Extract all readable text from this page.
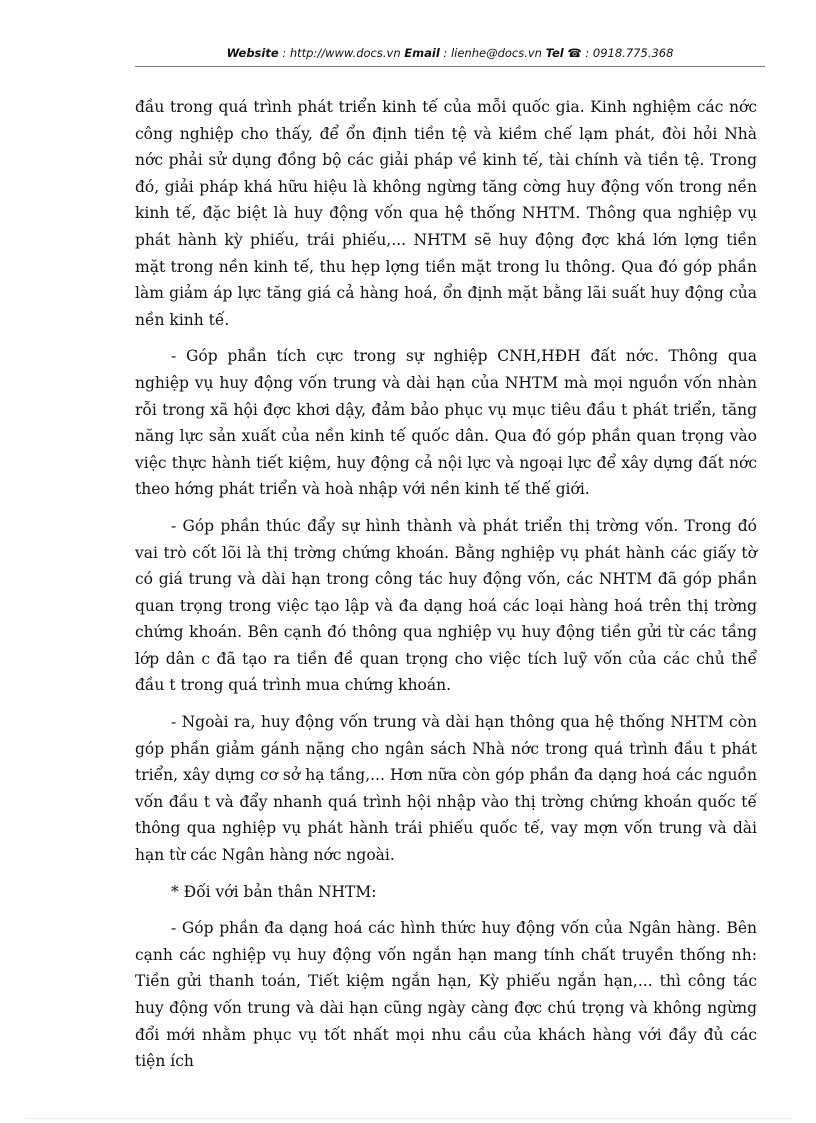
Website : http://www.docs.vn Email : lienhe@docs.vn Tel ☎ : 0918.775.368

đầu trong quá trình phát triển kinh tế của mỗi quốc gia. Kinh nghiệm các nớc công nghiệp cho thấy, để ổn định tiền tệ và kiềm chế lạm phát, đòi hỏi Nhà nớc phải sử dụng đồng bộ các giải pháp về kinh tế, tài chính và tiền tệ. Trong đó, giải pháp khá hữu hiệu là không ngừng tăng cờng huy động vốn trong nền kinh tế, đặc biệt là huy động vốn qua hệ thống NHTM. Thông qua nghiệp vụ phát hành kỳ phiếu, trái phiếu,... NHTM sẽ huy động đợc khá lớn lợng tiền mặt trong nền kinh tế, thu hẹp lợng tiền mặt trong lu thông. Qua đó góp phần làm giảm áp lực tăng giá cả hàng hoá, ổn định mặt bằng lãi suất huy động của nền kinh tế.

- Góp phần tích cực trong sự nghiệp CNH,HĐH đất nớc. Thông qua nghiệp vụ huy động vốn trung và dài hạn của NHTM mà mọi nguồn vốn nhàn rỗi trong xã hội đợc khơi dậy, đảm bảo phục vụ mục tiêu đầu t phát triển, tăng năng lực sản xuất của nền kinh tế quốc dân. Qua đó góp phần quan trọng vào việc thực hành tiết kiệm, huy động cả nội lực và ngoại lực để xây dựng đất nớc theo hớng phát triển và hoà nhập với nền kinh tế thế giới.

- Góp phần thúc đẩy sự hình thành và phát triển thị trờng vốn. Trong đó vai trò cốt lõi là thị trờng chứng khoán. Bằng nghiệp vụ phát hành các giấy tờ có giá trung và dài hạn trong công tác huy động vốn, các NHTM đã góp phần quan trọng trong việc tạo lập và đa dạng hoá các loại hàng hoá trên thị trờng chứng khoán. Bên cạnh đó thông qua nghiệp vụ huy động tiền gửi từ các tầng lớp dân c đã tạo ra tiền đề quan trọng cho việc tích luỹ vốn của các chủ thể đầu t trong quá trình mua chứng khoán.

- Ngoài ra, huy động vốn trung và dài hạn thông qua hệ thống NHTM còn góp phần giảm gánh nặng cho ngân sách Nhà nớc trong quá trình đầu t phát triển, xây dựng cơ sở hạ tầng,... Hơn nữa còn góp phần đa dạng hoá các nguồn vốn đầu t và đẩy nhanh quá trình hội nhập vào thị trờng chứng khoán quốc tế thông qua nghiệp vụ phát hành trái phiếu quốc tế, vay mợn vốn trung và dài hạn từ các Ngân hàng nớc ngoài.

* Đối với bản thân NHTM:

- Góp phần đa dạng hoá các hình thức huy động vốn của Ngân hàng. Bên cạnh các nghiệp vụ huy động vốn ngắn hạn mang tính chất truyền thống nh: Tiền gửi thanh toán, Tiết kiệm ngắn hạn, Kỳ phiếu ngắn hạn,... thì công tác huy động vốn trung và dài hạn cũng ngày càng đợc chú trọng và không ngừng đổi mới nhằm phục vụ tốt nhất mọi nhu cầu của khách hàng với đầy đủ các tiện ích
